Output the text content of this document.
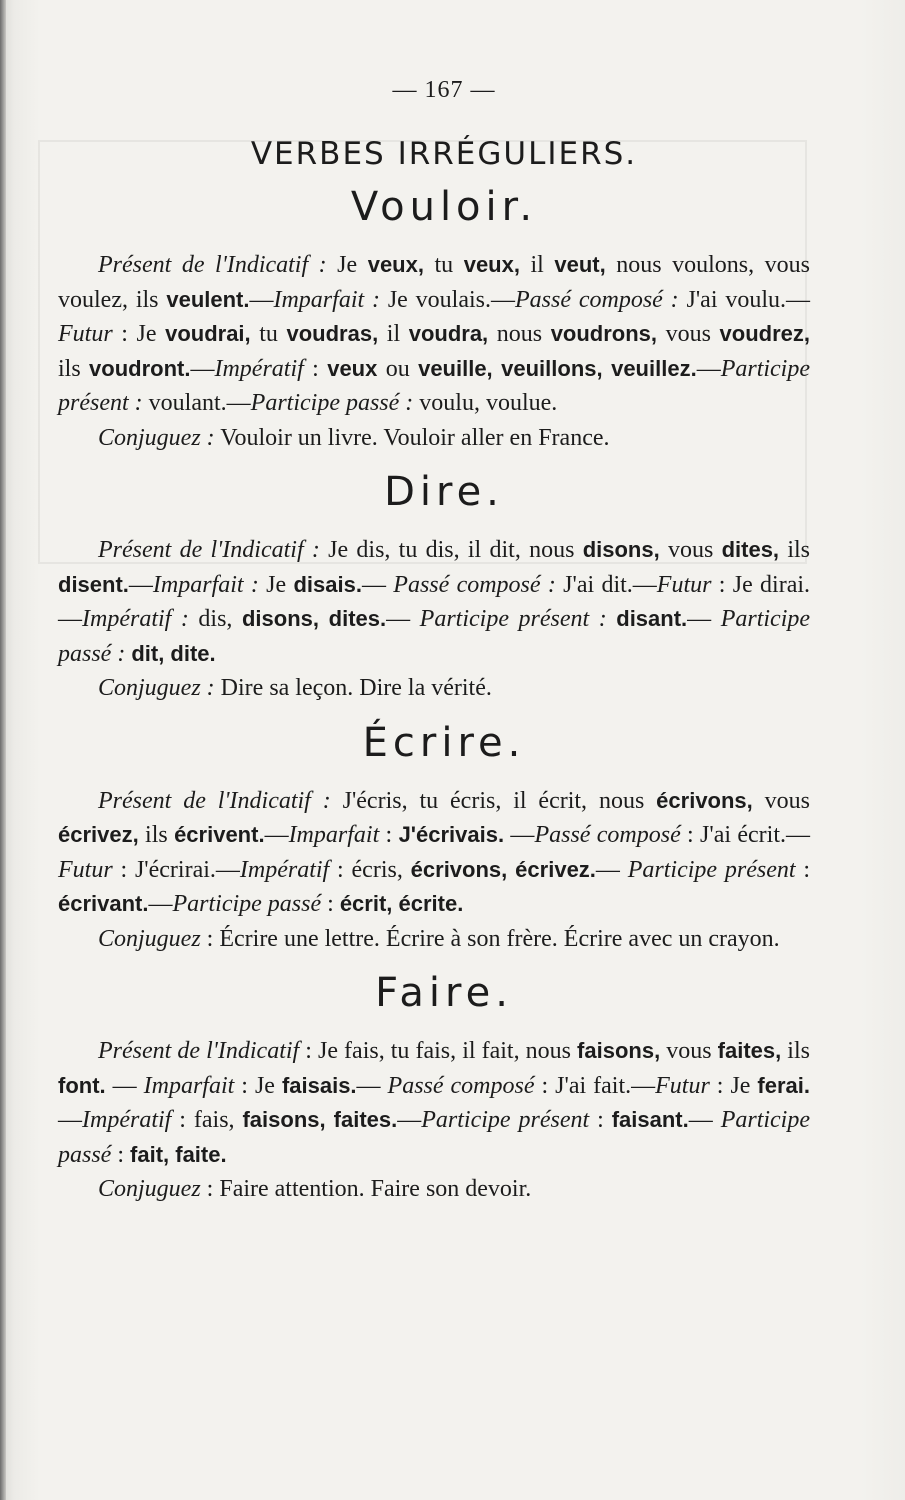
— 167 —
VERBES IRRÉGULIERS.
Vouloir.

Présent de l'Indicatif : Je veux, tu veux, il veut, nous voulons, vous voulez, ils veulent.—Imparfait : Je voulais.—Passé composé : J'ai voulu.—Futur : Je voudrai, tu voudras, il voudra, nous voudrons, vous voudrez, ils voudront.—Impératif : veux ou veuille, veuillons, veuillez.—Participe présent : voulant.—Participe passé : voulu, voulue.

Conjuguez : Vouloir un livre. Vouloir aller en France.

Dire.

Présent de l'Indicatif : Je dis, tu dis, il dit, nous disons, vous dites, ils disent.—Imparfait : Je disais.— Passé composé : J'ai dit.—Futur : Je dirai.—Impératif : dis, disons, dites.— Participe présent : disant.— Participe passé : dit, dite.

Conjuguez : Dire sa leçon. Dire la vérité.

Écrire.

Présent de l'Indicatif : J'écris, tu écris, il écrit, nous écrivons, vous écrivez, ils écrivent.—Imparfait : J'écrivais. —Passé composé : J'ai écrit.—Futur : J'écrirai.—Impératif : écris, écrivons, écrivez.— Participe présent : écrivant.—Participe passé : écrit, écrite.

Conjuguez : Écrire une lettre. Écrire à son frère. Écrire avec un crayon.

Faire.

Présent de l'Indicatif : Je fais, tu fais, il fait, nous faisons, vous faites, ils font. — Imparfait : Je faisais.— Passé composé : J'ai fait.—Futur : Je ferai.—Impératif : fais, faisons, faites.—Participe présent : faisant.— Participe passé : fait, faite.

Conjuguez : Faire attention. Faire son devoir.
